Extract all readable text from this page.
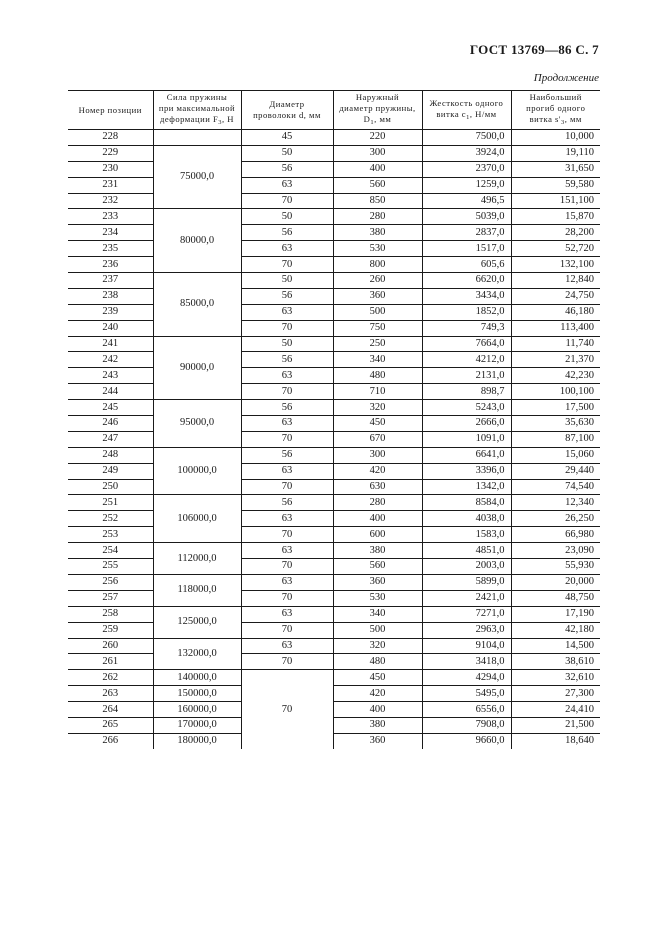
ГОСТ 13769—86 С. 7
Продолжение
Номер позиции	Сила пружины
при максимальной
деформации $F_3$, Н	Диаметр
проволоки d, мм	Наружный
диаметр пружины,
$D_1$, мм	Жесткость одного
витка $c_1$, Н/мм	Наибольший
прогиб одного
витка $s'_3$, мм
228		45	220	7500,0	10,000
229	75000,0	50	300	3924,0	19,110
230		56	400	2370,0	31,650
231		63	560	1259,0	59,580
232		70	850	496,5	151,100
233	80000,0	50	280	5039,0	15,870
234		56	380	2837,0	28,200
235		63	530	1517,0	52,720
236		70	800	605,6	132,100
237	85000,0	50	260	6620,0	12,840
238		56	360	3434,0	24,750
239		63	500	1852,0	46,180
240		70	750	749,3	113,400
241	90000,0	50	250	7664,0	11,740
242		56	340	4212,0	21,370
243		63	480	2131,0	42,230
244		70	710	898,7	100,100
245	95000,0	56	320	5243,0	17,500
246		63	450	2666,0	35,630
247		70	670	1091,0	87,100
248	100000,0	56	300	6641,0	15,060
249		63	420	3396,0	29,440
250		70	630	1342,0	74,540
251	106000,0	56	280	8584,0	12,340
252		63	400	4038,0	26,250
253		70	600	1583,0	66,980
254	112000,0	63	380	4851,0	23,090
255		70	560	2003,0	55,930
256	118000,0	63	360	5899,0	20,000
257		70	530	2421,0	48,750
258	125000,0	63	340	7271,0	17,190
259		70	500	2963,0	42,180
260	132000,0	63	320	9104,0	14,500
261		70	480	3418,0	38,610
262	140000,0	70	450	4294,0	32,610
263	150000,0		420	5495,0	27,300
264	160000,0		400	6556,0	24,410
265	170000,0		380	7908,0	21,500
266	180000,0		360	9660,0	18,640
